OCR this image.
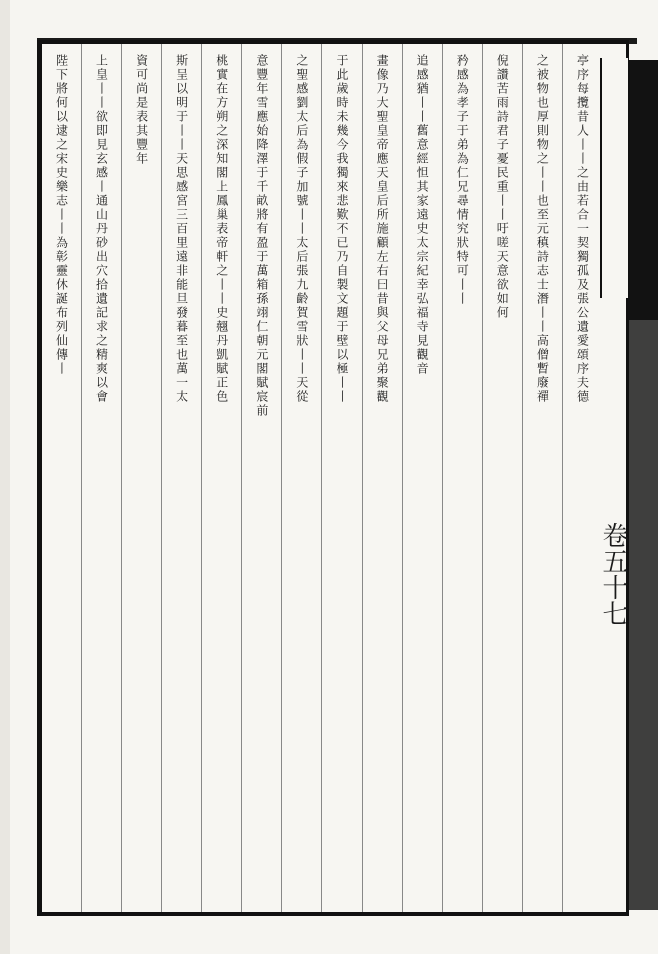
亭序每攬昔人丨丨之由若合一契獨孤及張公遺愛頌序夫德
之被物也厚則物之丨丨也至元稹詩志士潛丨丨高僧暫廢禪
倪讚苦雨詩君子憂民重丨丨吁嗟天意欲如何
矜感為孝子于弟為仁兄尋情究狀特可丨丨
追感猶丨丨舊意經怛其家遠史太宗紀幸弘福寺見觀音
畫像乃大聖皇帝應天皇后所施顧左右曰昔與父母兄弟聚觀
于此歲時未幾今我獨來悲歎不已乃自製文題于壁以極丨丨
之聖感劉太后為假子加號丨丨太后張九齡賀雪狀丨丨天從
意豐年雪應始降澤于千畝將有盈于萬箱孫翊仁朝元閣賦宸前
桃實在方朔之深知閣上鳳巢表帝軒之丨丨史翹丹凱賦正色
斯呈以明于丨丨天思感宮三百里遠非能旦發暮至也萬一太
資可尚是表其豐年
上皇丨丨欲即見玄感丨通山丹砂出穴拾遺記求之精爽以會
陛下將何以逮之宋史樂志丨丨為彰靈休誕布列仙傳丨
卷五十七
